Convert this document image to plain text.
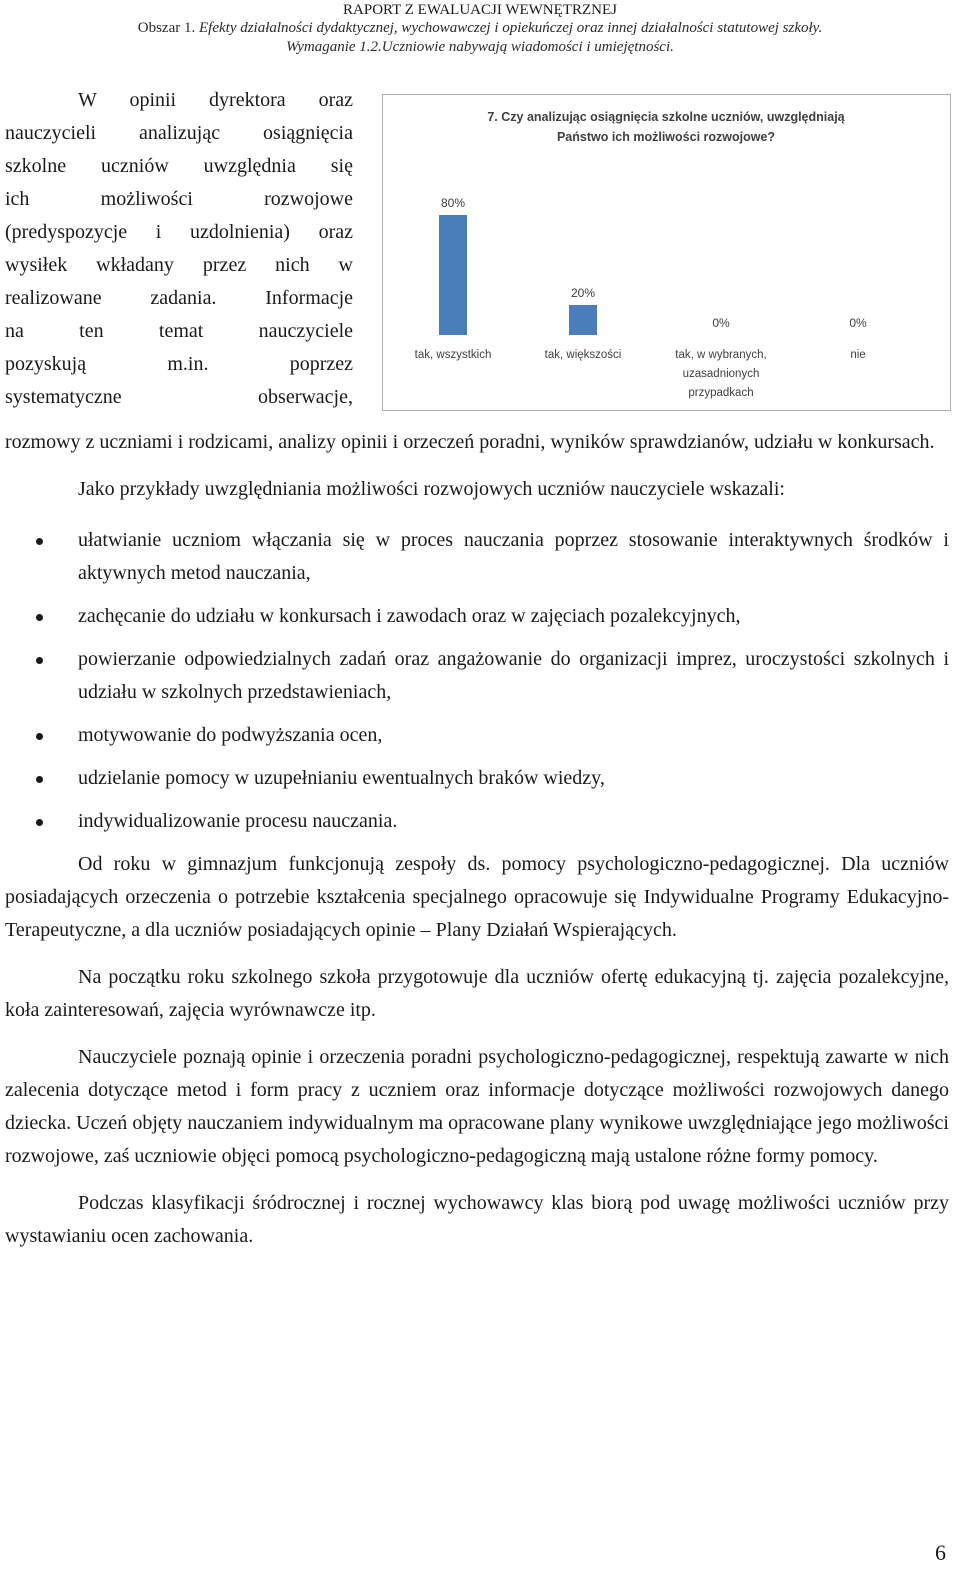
RAPORT Z EWALUACJI WEWNĘTRZNEJ
Obszar 1. Efekty działalności dydaktycznej, wychowawczej i opiekuńczej oraz innej działalności statutowej szkoły.
Wymaganie 1.2.Uczniowie nabywają wiadomości i umiejętności.
W opinii dyrektora oraz
nauczycieli analizując osiągnięcia
szkolne uczniów uwzględnia się
ich możliwości rozwojowe
(predyspozycje i uzdolnienia) oraz
wysiłek wkładany przez nich w
realizowane zadania. Informacje
na ten temat nauczyciele
pozyskują m.in. poprzez
systematyczne obserwacje,
7. Czy analizując osiągnięcia szkolne uczniów, uwzględniają
Państwo ich możliwości rozwojowe?
80%
tak, wszystkich
20%
tak, większości
0%
tak, w wybranych,
uzasadnionych
przypadkach
0%
nie

rozmowy z uczniami i rodzicami, analizy opinii i orzeczeń poradni, wyników sprawdzianów, udziału w konkursach.

Jako przykłady uwzględniania możliwości rozwojowych uczniów nauczyciele wskazali:

ułatwianie uczniom włączania się w proces nauczania poprzez stosowanie interaktywnych środków i aktywnych metod nauczania,
zachęcanie do udziału w konkursach i zawodach oraz w zajęciach pozalekcyjnych,
powierzanie odpowiedzialnych zadań oraz angażowanie do organizacji imprez, uroczystości szkolnych i udziału w szkolnych przedstawieniach,
motywowanie do podwyższania ocen,
udzielanie pomocy w uzupełnianiu ewentualnych braków wiedzy,
indywidualizowanie procesu nauczania.

Od roku w gimnazjum funkcjonują zespoły ds. pomocy psychologiczno-pedagogicznej. Dla uczniów posiadających orzeczenia o potrzebie kształcenia specjalnego opracowuje się Indywidualne Programy Edukacyjno-Terapeutyczne, a dla uczniów posiadających opinie – Plany Działań Wspierających.

Na początku roku szkolnego szkoła przygotowuje dla uczniów ofertę edukacyjną tj. zajęcia pozalekcyjne, koła zainteresowań, zajęcia wyrównawcze itp.

Nauczyciele poznają opinie i orzeczenia poradni psychologiczno-pedagogicznej, respektują zawarte w nich zalecenia dotyczące metod i form pracy z uczniem oraz informacje dotyczące możliwości rozwojowych danego dziecka. Uczeń objęty nauczaniem indywidualnym ma opracowane plany wynikowe uwzględniające jego możliwości rozwojowe, zaś uczniowie objęci pomocą psychologiczno-pedagogiczną mają ustalone różne formy pomocy.

Podczas klasyfikacji śródrocznej i rocznej wychowawcy klas biorą pod uwagę możliwości uczniów przy wystawianiu ocen zachowania.

6
